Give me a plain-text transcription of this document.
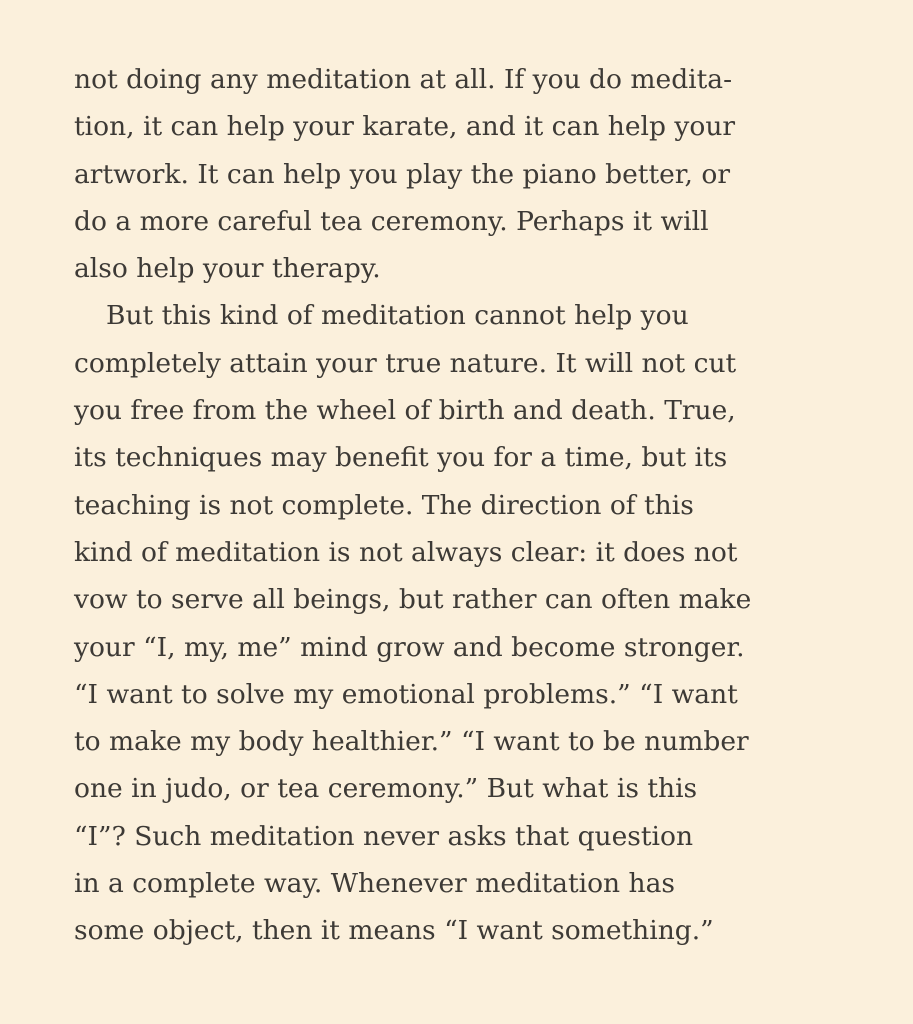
not doing any meditation at all. If you do medita-
tion, it can help your karate, and it can help your
artwork. It can help you play the piano better, or
do a more careful tea ceremony. Perhaps it will
also help your therapy.
But this kind of meditation cannot help you
completely attain your true nature. It will not cut
you free from the wheel of birth and death. True,
its techniques may benefit you for a time, but its
teaching is not complete. The direction of this
kind of meditation is not always clear: it does not
vow to serve all beings, but rather can often make
your “I, my, me” mind grow and become stronger.
“I want to solve my emotional problems.” “I want
to make my body healthier.” “I want to be number
one in judo, or tea ceremony.” But what is this
“I”? Such meditation never asks that question
in a complete way. Whenever meditation has
some object, then it means “I want something.”
